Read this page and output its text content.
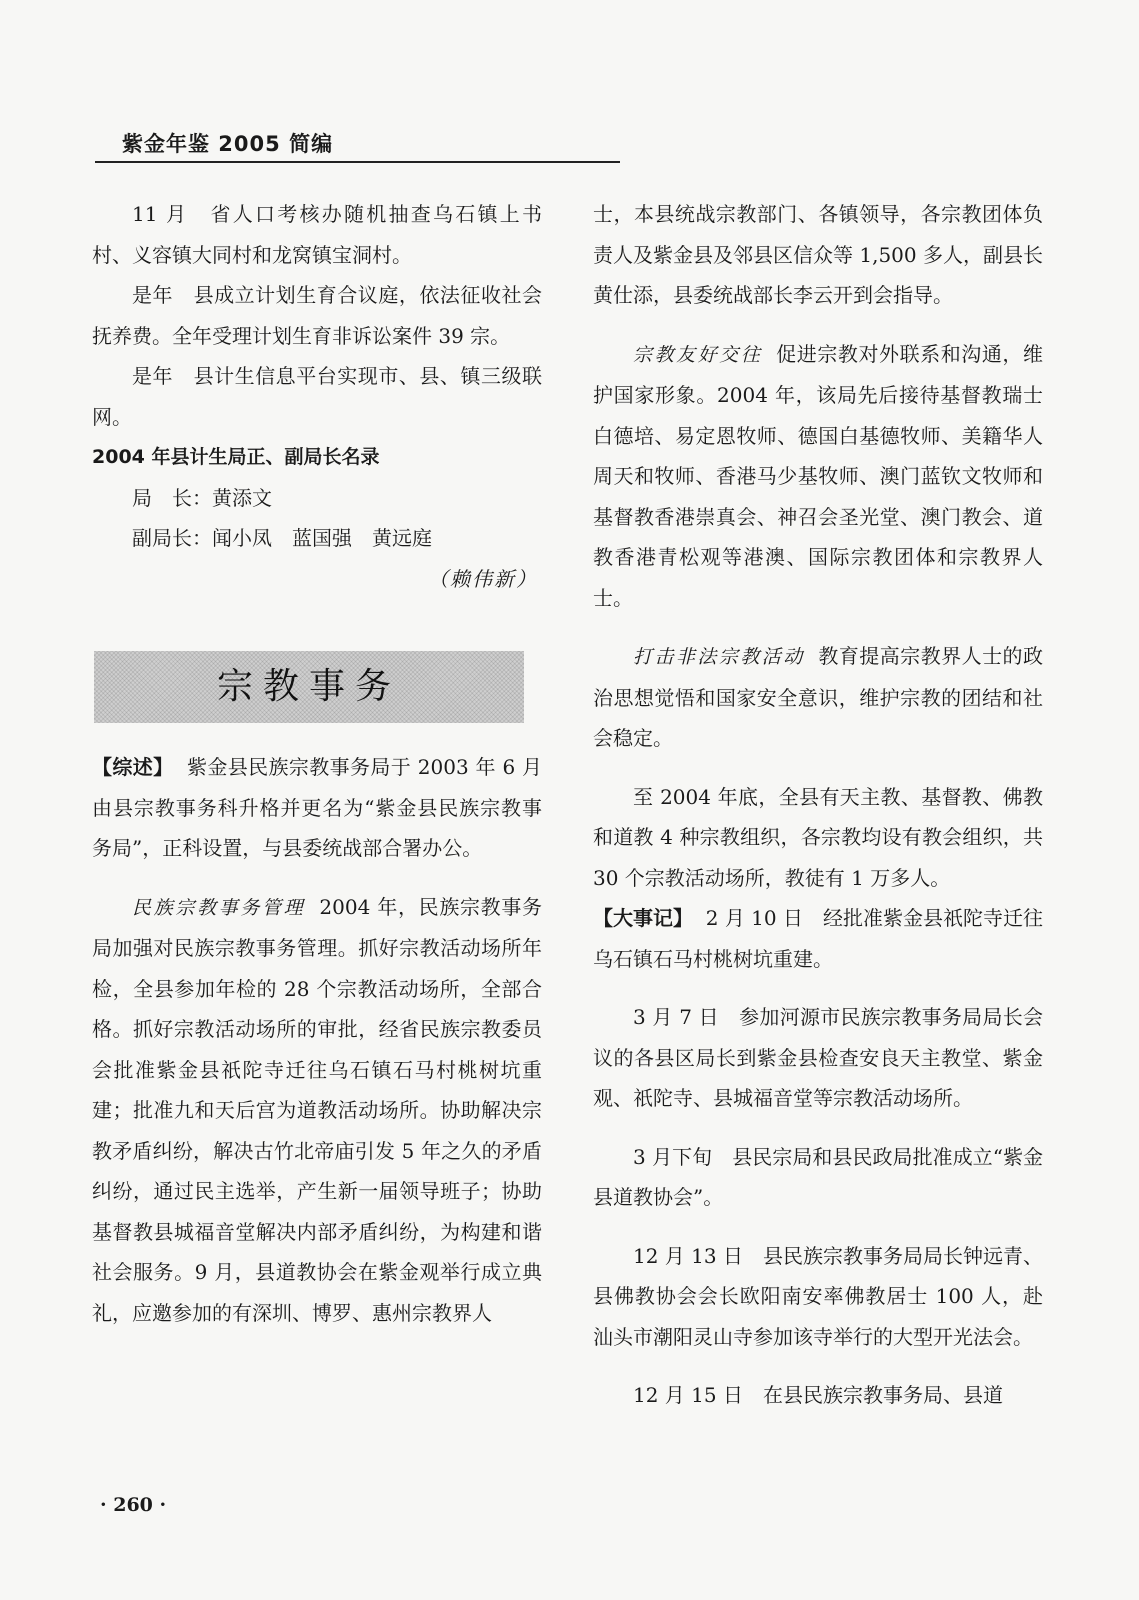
紫金年鉴 2005 简编

11 月　省人口考核办随机抽查乌石镇上书村、义容镇大同村和龙窝镇宝洞村。

是年　县成立计划生育合议庭，依法征收社会抚养费。全年受理计划生育非诉讼案件 39 宗。

是年　县计生信息平台实现市、县、镇三级联网。

2004 年县计生局正、副局长名录

局　长：黄添文

副局长：闻小凤　蓝国强　黄远庭

（赖伟新）

宗教事务

【综述】 紫金县民族宗教事务局于 2003 年 6 月由县宗教事务科升格并更名为“紫金县民族宗教事务局”，正科设置，与县委统战部合署办公。

民族宗教事务管理 2004 年，民族宗教事务局加强对民族宗教事务管理。抓好宗教活动场所年检，全县参加年检的 28 个宗教活动场所，全部合格。抓好宗教活动场所的审批，经省民族宗教委员会批准紫金县祇陀寺迁往乌石镇石马村桃树坑重建；批准九和天后宫为道教活动场所。协助解决宗教矛盾纠纷，解决古竹北帝庙引发 5 年之久的矛盾纠纷，通过民主选举，产生新一届领导班子；协助基督教县城福音堂解决内部矛盾纠纷，为构建和谐社会服务。9 月，县道教协会在紫金观举行成立典礼，应邀参加的有深圳、博罗、惠州宗教界人

士，本县统战宗教部门、各镇领导，各宗教团体负责人及紫金县及邻县区信众等 1,500 多人，副县长黄仕添，县委统战部长李云开到会指导。

宗教友好交往 促进宗教对外联系和沟通，维护国家形象。2004 年，该局先后接待基督教瑞士白德培、易定恩牧师、德国白基德牧师、美籍华人周天和牧师、香港马少基牧师、澳门蓝钦文牧师和基督教香港崇真会、神召会圣光堂、澳门教会、道教香港青松观等港澳、国际宗教团体和宗教界人士。

打击非法宗教活动 教育提高宗教界人士的政治思想觉悟和国家安全意识，维护宗教的团结和社会稳定。

至 2004 年底，全县有天主教、基督教、佛教和道教 4 种宗教组织，各宗教均设有教会组织，共 30 个宗教活动场所，教徒有 1 万多人。

【大事记】 2 月 10 日　经批准紫金县祇陀寺迁往乌石镇石马村桃树坑重建。

3 月 7 日　参加河源市民族宗教事务局局长会议的各县区局长到紫金县检查安良天主教堂、紫金观、祇陀寺、县城福音堂等宗教活动场所。

3 月下旬　县民宗局和县民政局批准成立“紫金县道教协会”。

12 月 13 日　县民族宗教事务局局长钟远青、县佛教协会会长欧阳南安率佛教居士 100 人，赴汕头市潮阳灵山寺参加该寺举行的大型开光法会。

12 月 15 日　在县民族宗教事务局、县道

· 260 ·
